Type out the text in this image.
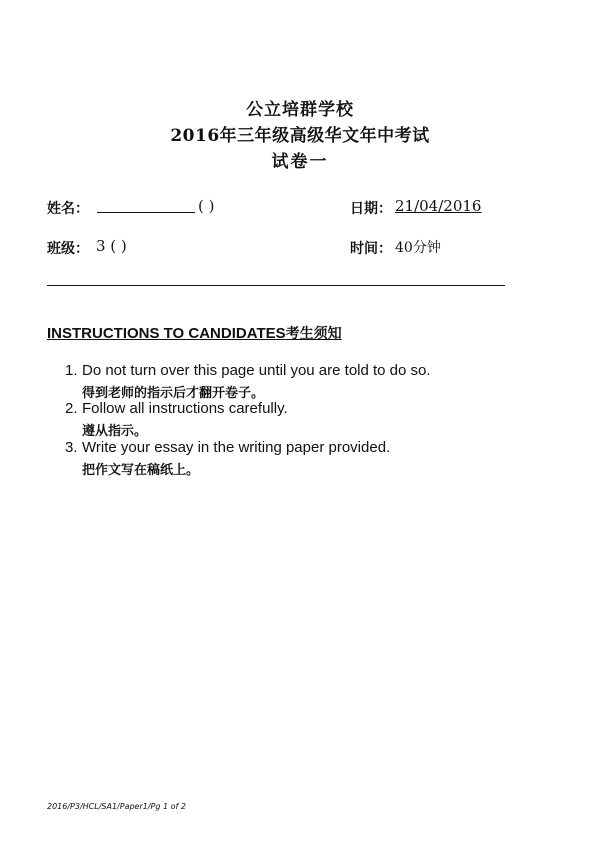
公立培群学校
2016年三年级高级华文年中考试
试卷一
姓名：	( )	日期： 21/04/2016
班级： 3 ( )	时间： 40分钟
INSTRUCTIONS TO CANDIDATES考生须知
1. Do not turn over this page until you are told to do so.
得到老师的指示后才翻开卷子。
2. Follow all instructions carefully.
遵从指示。
3. Write your essay in the writing paper provided.
把作文写在稿纸上。
2016/P3/HCL/SA1/Paper1/Pg 1 of 2
